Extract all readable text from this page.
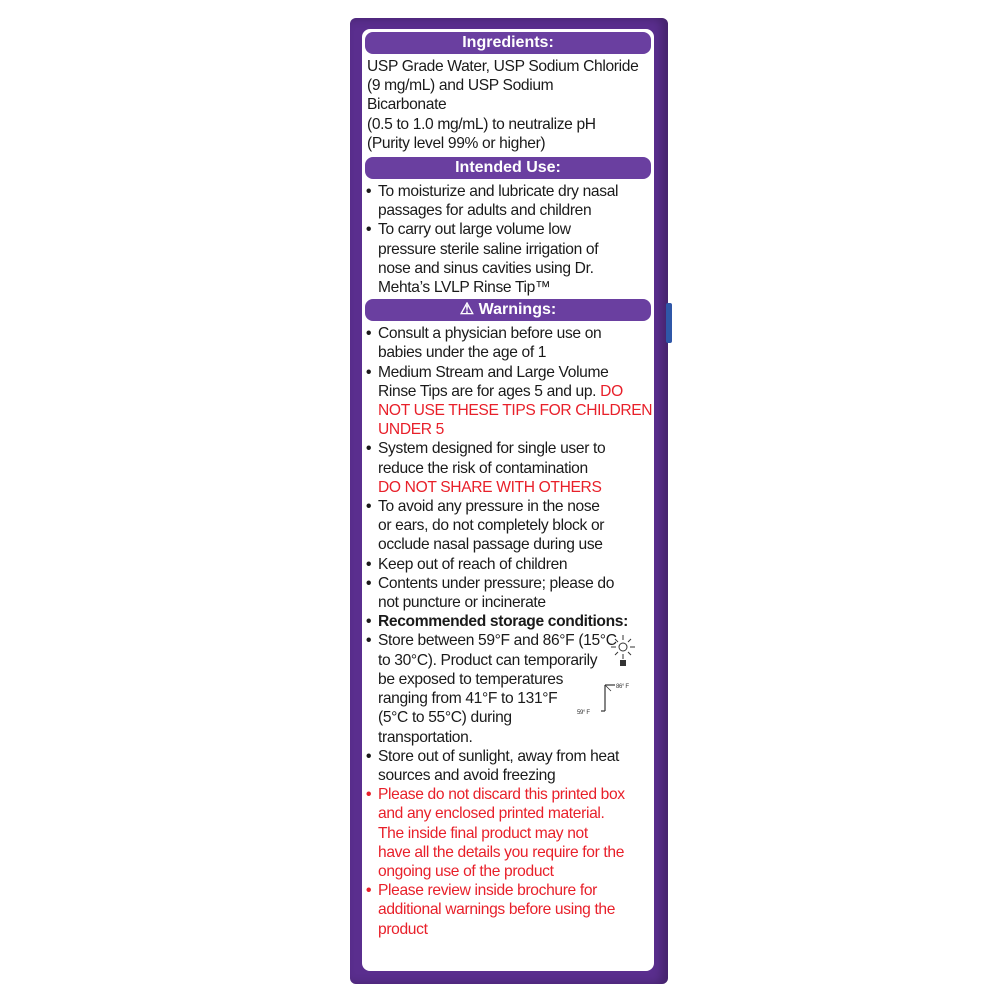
Ingredients:
USP Grade Water, USP Sodium Chloride
(9 mg/mL) and USP Sodium
Bicarbonate
(0.5 to 1.0 mg/mL) to neutralize pH
(Purity level 99% or higher)
Intended Use:
• To moisturize and lubricate dry nasal
passages for adults and children
• To carry out large volume low
pressure sterile saline irrigation of
nose and sinus cavities using Dr.
Mehta’s LVLP Rinse Tip™
⚠ Warnings:
• Consult a physician before use on
babies under the age of 1
• Medium Stream and Large Volume
Rinse Tips are for ages 5 and up. DO
NOT USE THESE TIPS FOR CHILDREN
UNDER 5
• System designed for single user to
reduce the risk of contamination
DO NOT SHARE WITH OTHERS
• To avoid any pressure in the nose
or ears, do not completely block or
occlude nasal passage during use
• Keep out of reach of children
• Contents under pressure; please do
not puncture or incinerate
• Recommended storage conditions:
• Store between 59°F and 86°F (15°C
to 30°C). Product can temporarily
be exposed to temperatures
ranging from 41°F to 131°F
(5°C to 55°C) during
transportation.
86° F
59° F
• Store out of sunlight, away from heat
sources and avoid freezing
• Please do not discard this printed box
and any enclosed printed material.
The inside final product may not
have all the details you require for the
ongoing use of the product
• Please review inside brochure for
additional warnings before using the
product
